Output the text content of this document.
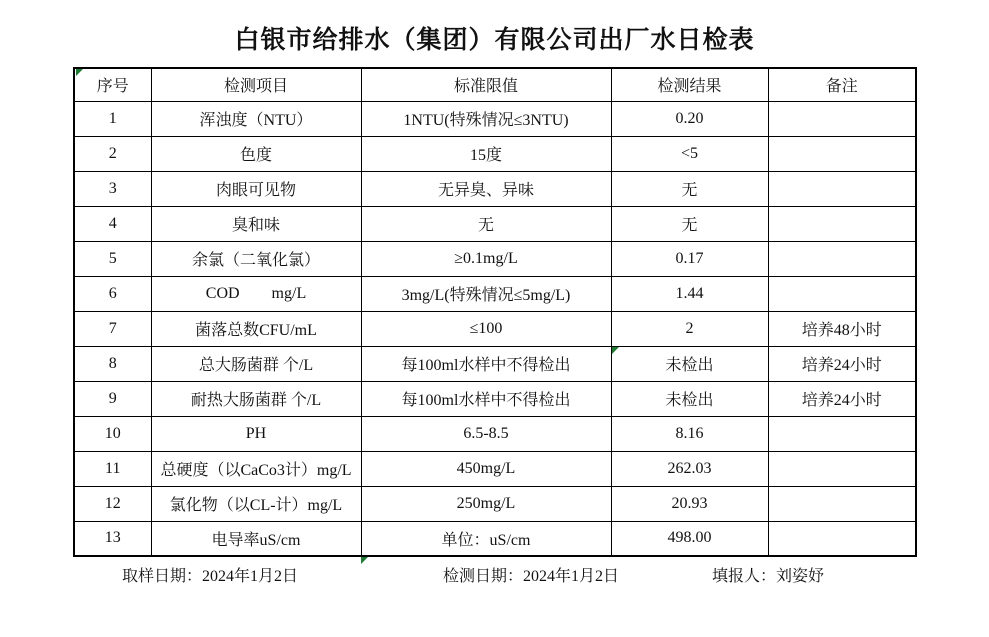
白银市给排水（集团）有限公司出厂水日检表
序号	检测项目	标准限值	检测结果	备注
1	浑浊度（NTU）	1NTU(特殊情况≤3NTU)	0.20	
2	色度	15度	<5	
3	肉眼可见物	无异臭、异味	无	
4	臭和味	无	无	
5	余氯（二氧化氯）	≥0.1mg/L	0.17	
6	COD        mg/L	3mg/L(特殊情况≤5mg/L)	1.44	
7	菌落总数CFU/mL	≤100	2	培养48小时
8	总大肠菌群 个/L	每100ml水样中不得检出	未检出	培养24小时
9	耐热大肠菌群 个/L	每100ml水样中不得检出	未检出	培养24小时
10	PH	6.5-8.5	8.16	
11	总硬度（以CaCo3计）mg/L	450mg/L	262.03	
12	氯化物（以CL-计）mg/L	250mg/L	20.93	
13	电导率uS/cm	单位：uS/cm	498.00	
取样日期：2024年1月2日	检测日期：2024年1月2日	填报人：刘姿妤
